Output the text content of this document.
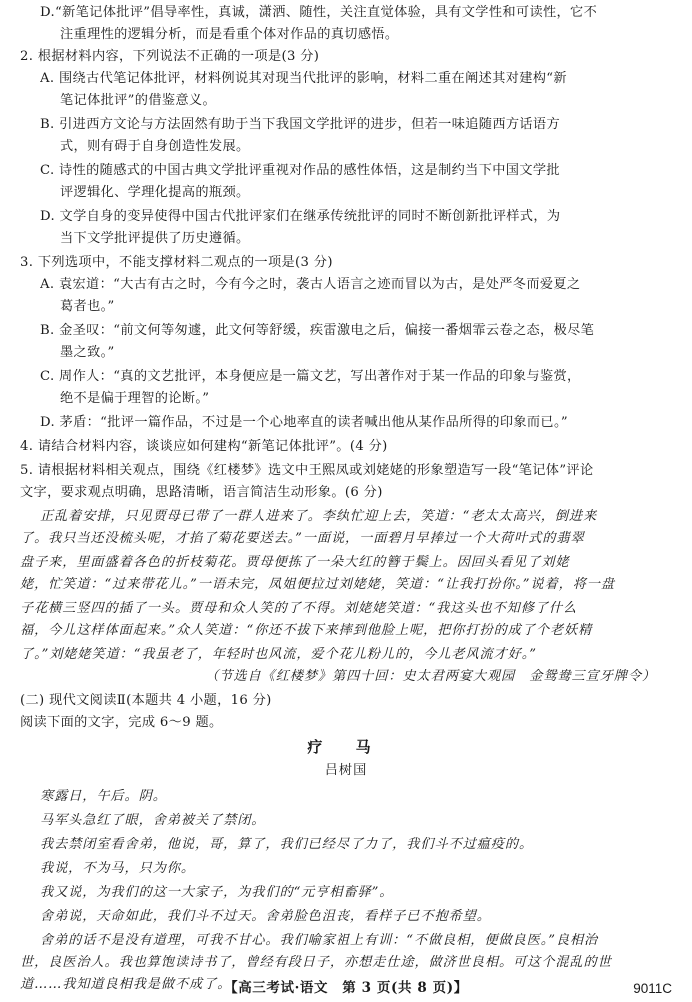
D.“新笔记体批评”倡导率性，真诚，潇洒、随性，关注直觉体验，具有文学性和可读性，它不
注重理性的逻辑分析，而是看重个体对作品的真切感悟。
2. 根据材料内容，下列说法不正确的一项是(3 分)
A. 围绕古代笔记体批评，材料例说其对现当代批评的影响，材料二重在阐述其对建构“新
笔记体批评”的借鉴意义。
B. 引进西方文论与方法固然有助于当下我国文学批评的进步，但若一味追随西方话语方
式，则有碍于自身创造性发展。
C. 诗性的随感式的中国古典文学批评重视对作品的感性体悟，这是制约当下中国文学批
评逻辑化、学理化提高的瓶颈。
D. 文学自身的变异使得中国古代批评家们在继承传统批评的同时不断创新批评样式，为
当下文学批评提供了历史遵循。
3. 下列选项中，不能支撑材料二观点的一项是(3 分)
A. 袁宏道：“大古有古之时，今有今之时，袭古人语言之迹而冒以为古，是处严冬而爱夏之
葛者也。”
B. 金圣叹：“前文何等匆遽，此文何等舒缓，疾雷激电之后，偏接一番烟霏云卷之态，极尽笔
墨之致。”
C. 周作人：“真的文艺批评，本身便应是一篇文艺，写出著作对于某一作品的印象与鉴赏，
绝不是偏于理智的论断。”
D. 茅盾：“批评一篇作品，不过是一个心地率直的读者喊出他从某作品所得的印象而已。”
4. 请结合材料内容，谈谈应如何建构“新笔记体批评”。(4 分)
5. 请根据材料相关观点，围绕《红楼梦》选文中王熙凤或刘姥姥的形象塑造写一段“笔记体”评论
文字，要求观点明确，思路清晰，语言简洁生动形象。(6 分)
正乱着安排，只见贾母已带了一群人进来了。李纨忙迎上去，笑道：“老太太高兴，倒进来
了。我只当还没梳头呢，才掐了菊花要送去。”一面说，一面碧月早捧过一个大荷叶式的翡翠
盘子来，里面盛着各色的折枝菊花。贾母便拣了一朵大红的簪于鬓上。因回头看见了刘姥
姥，忙笑道：“过来带花儿。”一语未完，凤姐便拉过刘姥姥，笑道：“让我打扮你。”说着，将一盘
子花横三竖四的插了一头。贾母和众人笑的了不得。刘姥姥笑道：“我这头也不知修了什么
福，今儿这样体面起来。”众人笑道：“你还不拔下来摔到他脸上呢，把你打扮的成了个老妖精
了。”刘姥姥笑道：“我虽老了，年轻时也风流，爱个花儿粉儿的，今儿老风流才好。”
（节选自《红楼梦》第四十回：史太君两宴大观园　金鸳鸯三宣牙牌令）
(二) 现代文阅读Ⅱ(本题共 4 小题，16 分)
阅读下面的文字，完成 6～9 题。
疗 马
吕树国
寒露日，午后。阴。
马军头急红了眼，舍弟被关了禁闭。
我去禁闭室看舍弟，他说，哥，算了，我们已经尽了力了，我们斗不过瘟疫的。
我说，不为马，只为你。
我又说，为我们的这一大家子，为我们的“元亨相畜驿”。
舍弟说，天命如此，我们斗不过天。舍弟脸色沮丧，看样子已不抱希望。
舍弟的话不是没有道理，可我不甘心。我们喻家祖上有训：“不做良相，便做良医。”良相治
世，良医治人。我也算饱读诗书了，曾经有段日子，亦想走仕途，做济世良相。可这个混乱的世
道……我知道良相我是做不成了。
【高三考试·语文　第 3 页(共 8 页)】	9011C
